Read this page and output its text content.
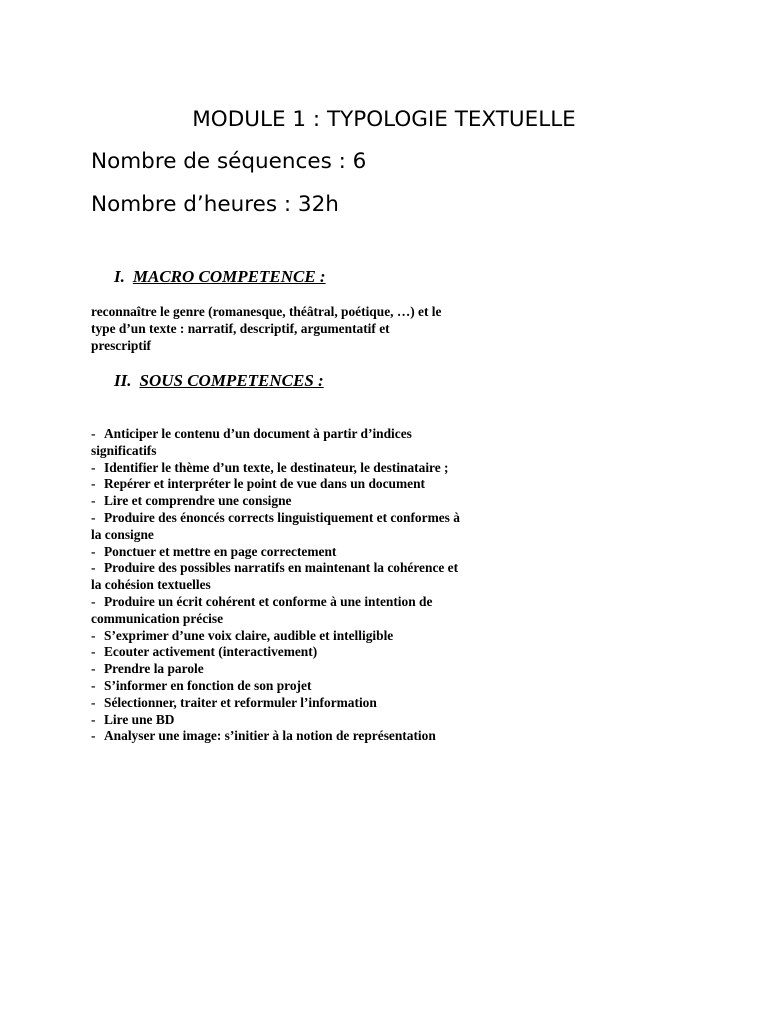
MODULE 1 : TYPOLOGIE TEXTUELLE
Nombre de séquences : 6
Nombre d’heures : 32h
I. MACRO COMPETENCE :
reconnaître le genre (romanesque, théâtral, poétique, …) et le
type d’un texte : narratif, descriptif, argumentatif et
prescriptif
II. SOUS COMPETENCES :
- Anticiper le contenu d’un document à partir d’indices
significatifs
- Identifier le thème d’un texte, le destinateur, le destinataire ;
- Repérer et interpréter le point de vue dans un document
- Lire et comprendre une consigne
- Produire des énoncés corrects linguistiquement et conformes à
la consigne
- Ponctuer et mettre en page correctement
- Produire des possibles narratifs en maintenant la cohérence et
la cohésion textuelles
- Produire un écrit cohérent et conforme à une intention de
communication précise
- S’exprimer d’une voix claire, audible et intelligible
- Ecouter activement (interactivement)
- Prendre la parole
- S’informer en fonction de son projet
- Sélectionner, traiter et reformuler l’information
- Lire une BD
- Analyser une image: s’initier à la notion de représentation
